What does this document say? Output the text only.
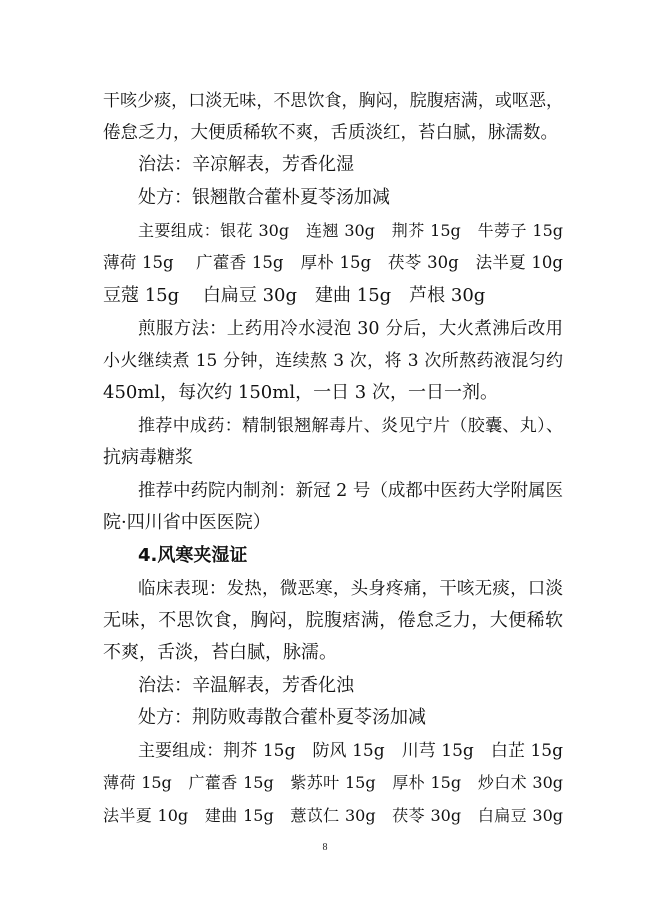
干咳少痰，口淡无味，不思饮食，胸闷，脘腹痞满，或呕恶，
倦怠乏力，大便质稀软不爽，舌质淡红，苔白腻，脉濡数。
治法：辛凉解表，芳香化湿
处方：银翘散合藿朴夏苓汤加减
主要组成：银花 30g　连翘 30g　荆芥 15g　牛蒡子 15g
薄荷 15g　 广藿香 15g　厚朴 15g　茯苓 30g　法半夏 10g
豆蔻 15g　 白扁豆 30g　建曲 15g　芦根 30g
煎服方法：上药用冷水浸泡 30 分后，大火煮沸后改用
小火继续煮 15 分钟，连续熬 3 次，将 3 次所熬药液混匀约
450ml，每次约 150ml，一日 3 次，一日一剂。
推荐中成药：精制银翘解毒片、炎见宁片（胶囊、丸）、
抗病毒糖浆
推荐中药院内制剂：新冠 2 号（成都中医药大学附属医
院·四川省中医医院）
4.风寒夹湿证
临床表现：发热，微恶寒，头身疼痛，干咳无痰，口淡
无味，不思饮食，胸闷，脘腹痞满，倦怠乏力，大便稀软
不爽，舌淡，苔白腻，脉濡。
治法：辛温解表，芳香化浊
处方：荆防败毒散合藿朴夏苓汤加减
主要组成：荆芥 15g　防风 15g　川芎 15g　白芷 15g
薄荷 15g　广藿香 15g　紫苏叶 15g　厚朴 15g　炒白术 30g
法半夏 10g　建曲 15g　薏苡仁 30g　茯苓 30g　白扁豆 30g
8
